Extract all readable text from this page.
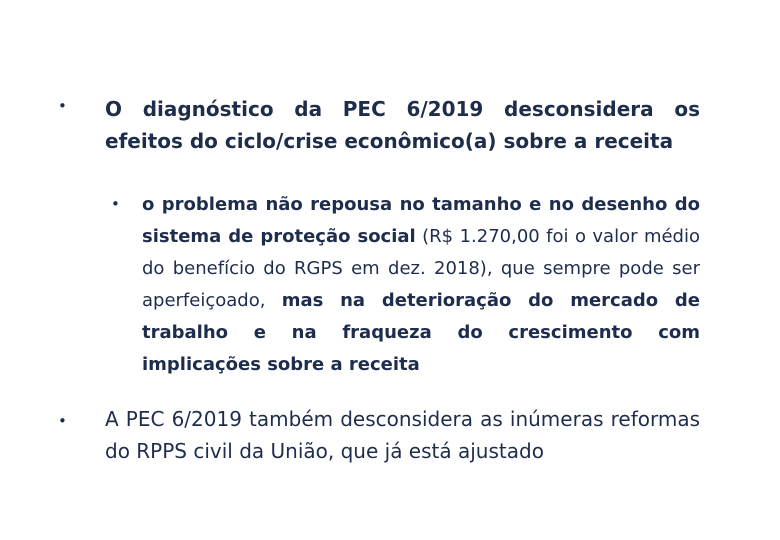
• O diagnóstico da PEC 6/2019 desconsidera os efeitos do ciclo/crise econômico(a) sobre a receita
• o problema não repousa no tamanho e no desenho do sistema de proteção social (R$ 1.270,00 foi o valor médio do benefício do RGPS em dez. 2018), que sempre pode ser aperfeiçoado, mas na deterioração do mercado de trabalho e na fraqueza do crescimento com implicações sobre a receita
• A PEC 6/2019 também desconsidera as inúmeras reformas do RPPS civil da União, que já está ajustado
